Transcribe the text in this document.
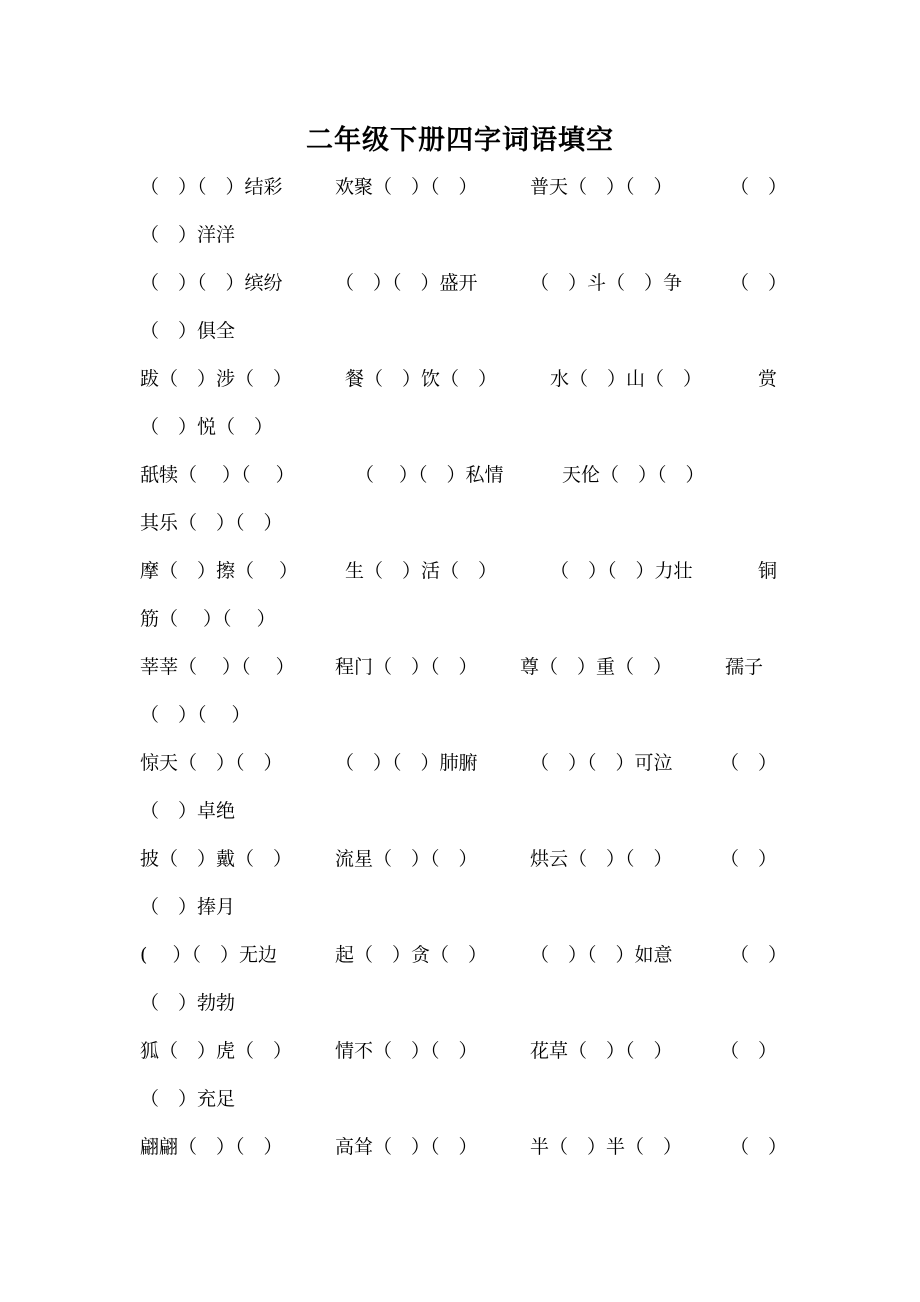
二年级下册四字词语填空
（　）（　）结彩	欢聚（　）（　）	普天（　）（　）	（　）
（　）洋洋
（　）（　）缤纷	（　）（　）盛开	（　）斗（　）争	（　）
（　）俱全
跋（　）涉（　）	餐（　）饮（　）	水（　）山（　）	赏
（　）悦（　）
舐犊（　 ）（　 ）	（　 ）（　）私情	天伦（　）（　）
其乐（　）（　）
摩（　）擦（　 ） 生（　）活（　）	（　）（　）力壮	铜
筋（　 ）（　 ）
莘莘（　 ）（　 ） 程门（　）（　） 尊（　）重（　）	孺子
（　）（　 ）
惊天（　）（　）	（　）（　）肺腑	（　）（　）可泣 （　）
（　）卓绝
披（　）戴（　） 流星（　）（　）	烘云（　）（　） （　）
（　）捧月
(　 ）（　）无边	起（　）贪（　） （　）（　）如意	（　）
（　）勃勃
狐（　）虎（　） 情不（　）（　）	花草（　）（　） （　）
（　）充足
翩翩（　）（　）	高耸（　）（　）	半（　）半（　）	（　）
